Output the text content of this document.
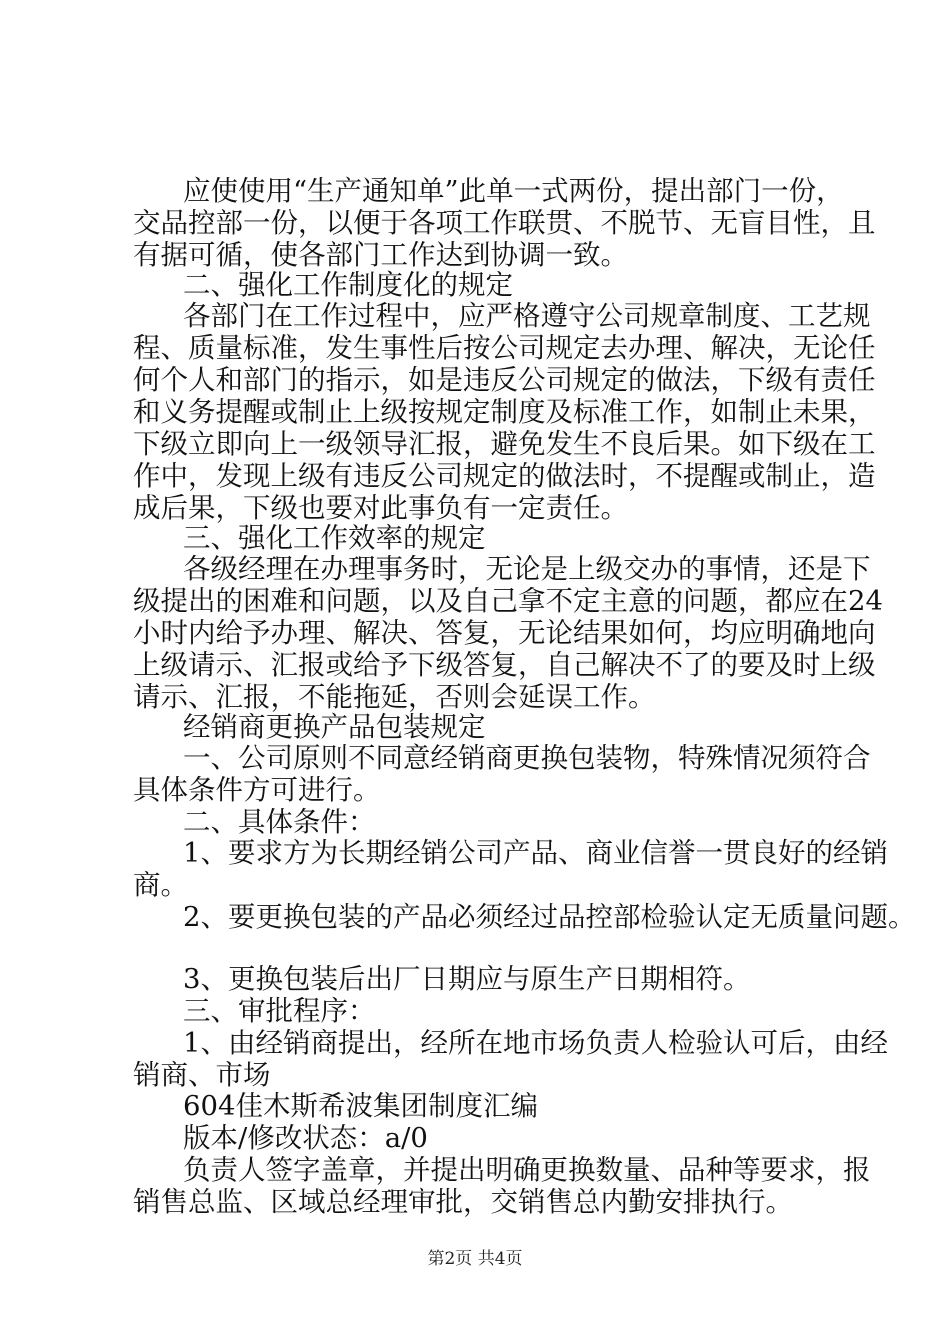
应使使用“生产通知单”此单一式两份，提出部门一份，
交品控部一份，以便于各项工作联贯、不脱节、无盲目性，且
有据可循，使各部门工作达到协调一致。
二、强化工作制度化的规定
各部门在工作过程中，应严格遵守公司规章制度、工艺规
程、质量标准，发生事性后按公司规定去办理、解决，无论任
何个人和部门的指示，如是违反公司规定的做法，下级有责任
和义务提醒或制止上级按规定制度及标准工作，如制止未果，
下级立即向上一级领导汇报，避免发生不良后果。如下级在工
作中，发现上级有违反公司规定的做法时，不提醒或制止，造
成后果，下级也要对此事负有一定责任。
三、强化工作效率的规定
各级经理在办理事务时，无论是上级交办的事情，还是下
级提出的困难和问题，以及自己拿不定主意的问题，都应在24
小时内给予办理、解决、答复，无论结果如何，均应明确地向
上级请示、汇报或给予下级答复，自己解决不了的要及时上级
请示、汇报，不能拖延，否则会延误工作。
经销商更换产品包装规定
一、公司原则不同意经销商更换包装物，特殊情况须符合
具体条件方可进行。
二、具体条件：
1、要求方为长期经销公司产品、商业信誉一贯良好的经销
商。
2、要更换包装的产品必须经过品控部检验认定无质量问题。
3、更换包装后出厂日期应与原生产日期相符。
三、审批程序：
1、由经销商提出，经所在地市场负责人检验认可后，由经
销商、市场
604佳木斯希波集团制度汇编
版本/修改状态：a/0
负责人签字盖章，并提出明确更换数量、品种等要求，报
销售总监、区域总经理审批，交销售总内勤安排执行。
第2页 共4页
